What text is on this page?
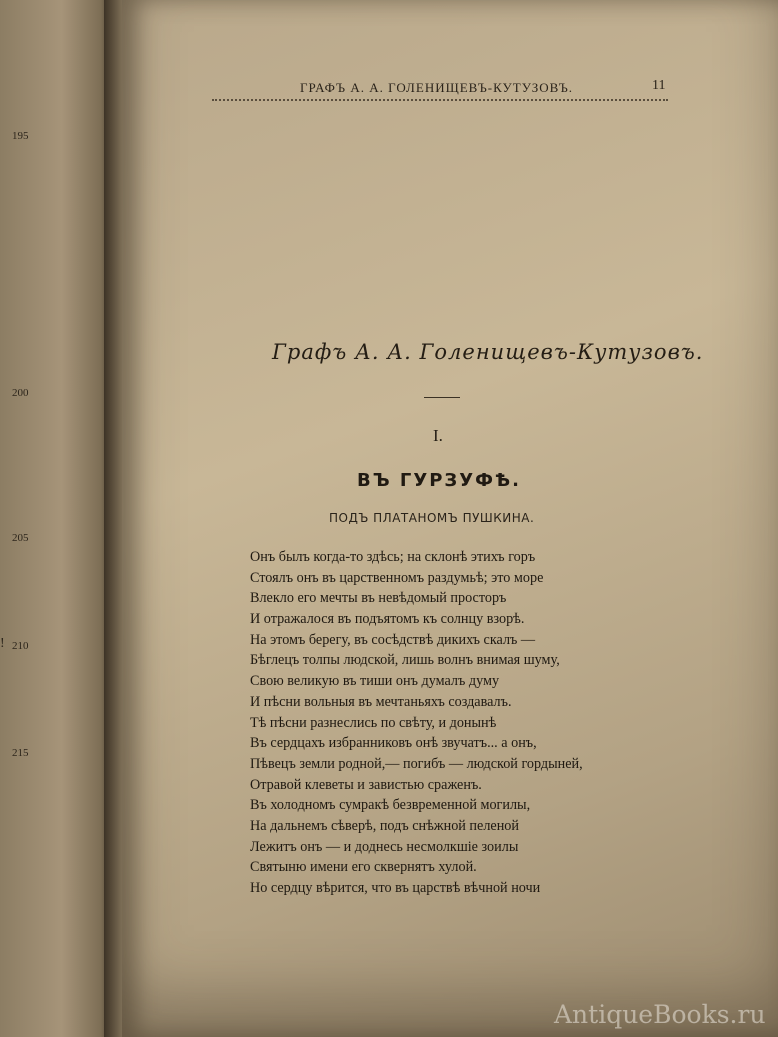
195
200
205
210
215
!
ГРАФЪ А. А. ГОЛЕНИЩЕВЪ-КУТУЗОВЪ.	11
Графъ А. А. Голенищевъ-Кутузовъ.
I.
ВЪ ГУРЗУФѢ.
ПОДЪ ПЛАТАНОМЪ ПУШКИНА.
Онъ былъ когда-то здѣсь; на склонѣ этихъ горъ
Стоялъ онъ въ царственномъ раздумьѣ; это море
Влекло его мечты въ невѣдомый просторъ
И отражалося въ подъятомъ къ солнцу взорѣ.
На этомъ берегу, въ сосѣдствѣ дикихъ скалъ —
Бѣглецъ толпы людской, лишь волнъ внимая шуму,
Свою великую въ тиши онъ думалъ думу
И пѣсни вольныя въ мечтаньяхъ создавалъ.
Тѣ пѣсни разнеслись по свѣту, и донынѣ
Въ сердцахъ избранниковъ онѣ звучатъ... а онъ,
Пѣвецъ земли родной,— погибъ — людской гордыней,
Отравой клеветы и завистью сраженъ.
Въ холодномъ сумракѣ безвременной могилы,
На дальнемъ сѣверѣ, подъ снѣжной пеленой
Лежитъ онъ — и доднесь несмолкшіе зоилы
Святыню имени его сквернятъ хулой.
Но сердцу вѣрится, что въ царствѣ вѣчной ночи
AntiqueBooks.ru
